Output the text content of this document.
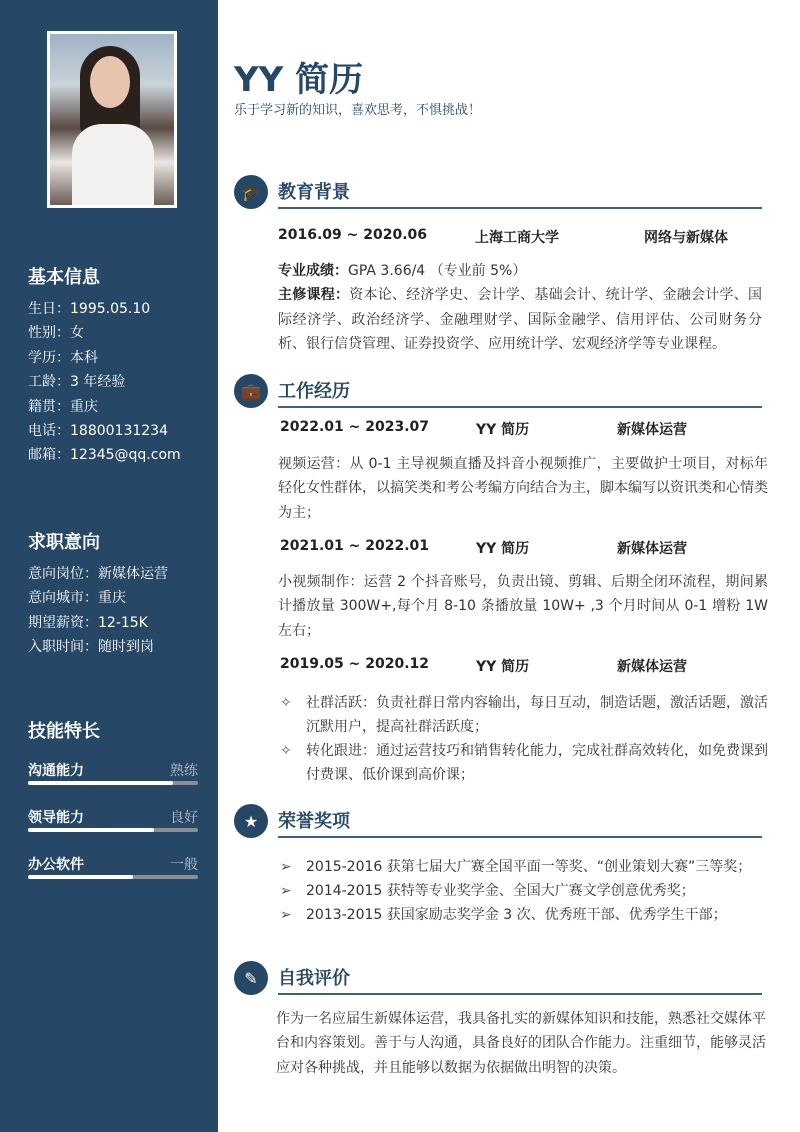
基本信息
生日：1995.05.10
性别：女
学历：本科
工龄：3 年经验
籍贯：重庆
电话：18800131234
邮箱：12345@qq.com
求职意向
意向岗位：新媒体运营
意向城市：重庆
期望薪资：12-15K
入职时间：随时到岗
技能特长
沟通能力	熟练
领导能力	良好
办公软件	一般
YY 简历
乐于学习新的知识，喜欢思考，不惧挑战！
🎓 教育背景
2016.09 ~ 2020.06	上海工商大学	网络与新媒体
专业成绩：GPA 3.66/4 （专业前 5%）
主修课程：资本论、经济学史、会计学、基础会计、统计学、金融会计学、国际经济学、政治经济学、金融理财学、国际金融学、信用评估、公司财务分析、银行信贷管理、证券投资学、应用统计学、宏观经济学等专业课程。
💼 工作经历
2022.01 ~ 2023.07	YY 简历	新媒体运营
视频运营：从 0-1 主导视频直播及抖音小视频推广，主要做护士项目，对标年轻化女性群体，以搞笑类和考公考编方向结合为主，脚本编写以资讯类和心情类为主；
2021.01 ~ 2022.01	YY 简历	新媒体运营
小视频制作：运营 2 个抖音账号，负责出镜、剪辑、后期全闭环流程，期间累计播放量 300W+,每个月 8-10 条播放量 10W+ ,3 个月时间从 0-1 增粉 1W 左右；
2019.05 ~ 2020.12	YY 简历	新媒体运营
✧ 社群活跃：负责社群日常内容输出，每日互动，制造话题，激活话题，激活沉默用户，提高社群活跃度；
✧ 转化跟进：通过运营技巧和销售转化能力，完成社群高效转化，如免费课到付费课、低价课到高价课；
★	荣誉奖项
➢ 2015-2016 获第七届大广赛全国平面一等奖、“创业策划大赛”三等奖；
➢ 2014-2015 获特等专业奖学金、全国大广赛文学创意优秀奖；
➢ 2013-2015 获国家励志奖学金 3 次、优秀班干部、优秀学生干部；
✎	自我评价
作为一名应届生新媒体运营，我具备扎实的新媒体知识和技能，熟悉社交媒体平台和内容策划。善于与人沟通，具备良好的团队合作能力。注重细节，能够灵活应对各种挑战，并且能够以数据为依据做出明智的决策。
